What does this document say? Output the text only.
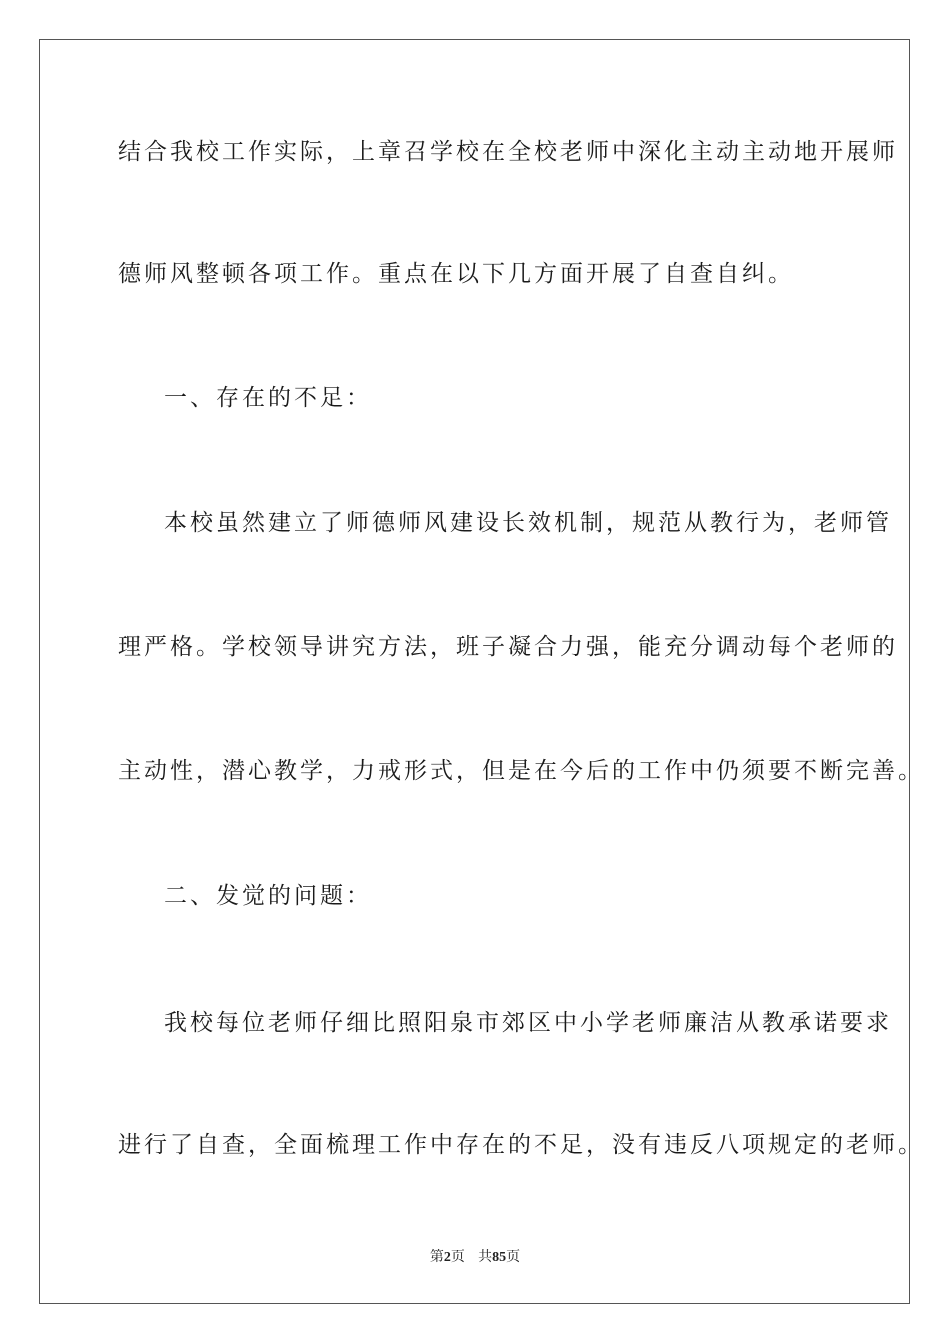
结合我校工作实际，上章召学校在全校老师中深化主动主动地开展师
德师风整顿各项工作。重点在以下几方面开展了自查自纠。
一、存在的不足：
本校虽然建立了师德师风建设长效机制，规范从教行为，老师管
理严格。学校领导讲究方法，班子凝合力强，能充分调动每个老师的
主动性，潜心教学，力戒形式，但是在今后的工作中仍须要不断完善。
二、发觉的问题：
我校每位老师仔细比照阳泉市郊区中小学老师廉洁从教承诺要求
进行了自查，全面梳理工作中存在的不足，没有违反八项规定的老师。
第2页 共85页
